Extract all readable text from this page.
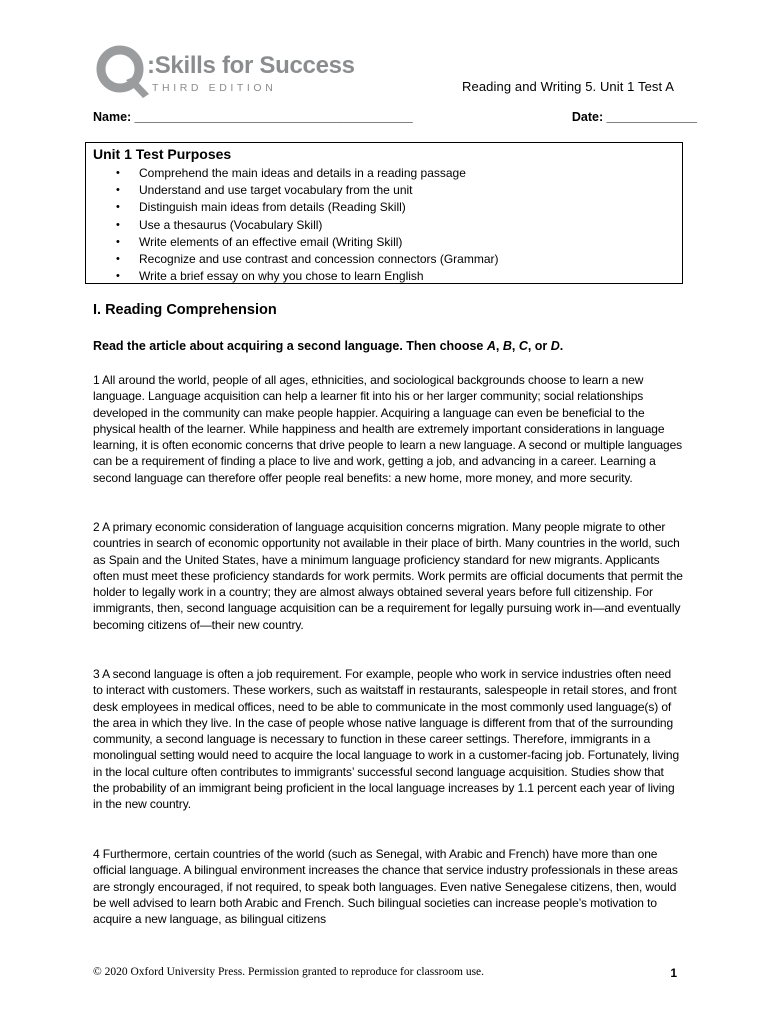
:Skills for Success
THIRD EDITION	Reading and Writing 5. Unit 1 Test A
Name: ________________________________________	Date: _____________
Unit 1 Test Purposes
• Comprehend the main ideas and details in a reading passage
• Understand and use target vocabulary from the unit
• Distinguish main ideas from details (Reading Skill)
• Use a thesaurus (Vocabulary Skill)
• Write elements of an effective email (Writing Skill)
• Recognize and use contrast and concession connectors (Grammar)
• Write a brief essay on why you chose to learn English
I. Reading Comprehension
Read the article about acquiring a second language. Then choose A, B, C, or D.

1 All around the world, people of all ages, ethnicities, and sociological backgrounds choose to learn a new language. Language acquisition can help a learner fit into his or her larger community; social relationships developed in the community can make people happier. Acquiring a language can even be beneficial to the physical health of the learner. While happiness and health are extremely important considerations in language learning, it is often economic concerns that drive people to learn a new language. A second or multiple languages can be a requirement of finding a place to live and work, getting a job, and advancing in a career. Learning a second language can therefore offer people real benefits: a new home, more money, and more security.

2 A primary economic consideration of language acquisition concerns migration. Many people migrate to other countries in search of economic opportunity not available in their place of birth. Many countries in the world, such as Spain and the United States, have a minimum language proficiency standard for new migrants. Applicants often must meet these proficiency standards for work permits. Work permits are official documents that permit the holder to legally work in a country; they are almost always obtained several years before full citizenship. For immigrants, then, second language acquisition can be a requirement for legally pursuing work in—and eventually becoming citizens of—their new country.

3 A second language is often a job requirement. For example, people who work in service industries often need to interact with customers. These workers, such as waitstaff in restaurants, salespeople in retail stores, and front desk employees in medical offices, need to be able to communicate in the most commonly used language(s) of the area in which they live. In the case of people whose native language is different from that of the surrounding community, a second language is necessary to function in these career settings. Therefore, immigrants in a monolingual setting would need to acquire the local language to work in a customer-facing job. Fortunately, living in the local culture often contributes to immigrants’ successful second language acquisition. Studies show that the probability of an immigrant being proficient in the local language increases by 1.1 percent each year of living in the new country.

4 Furthermore, certain countries of the world (such as Senegal, with Arabic and French) have more than one official language. A bilingual environment increases the chance that service industry professionals in these areas are strongly encouraged, if not required, to speak both languages. Even native Senegalese citizens, then, would be well advised to learn both Arabic and French. Such bilingual societies can increase people’s motivation to acquire a new language, as bilingual citizens

© 2020 Oxford University Press. Permission granted to reproduce for classroom use.	1
